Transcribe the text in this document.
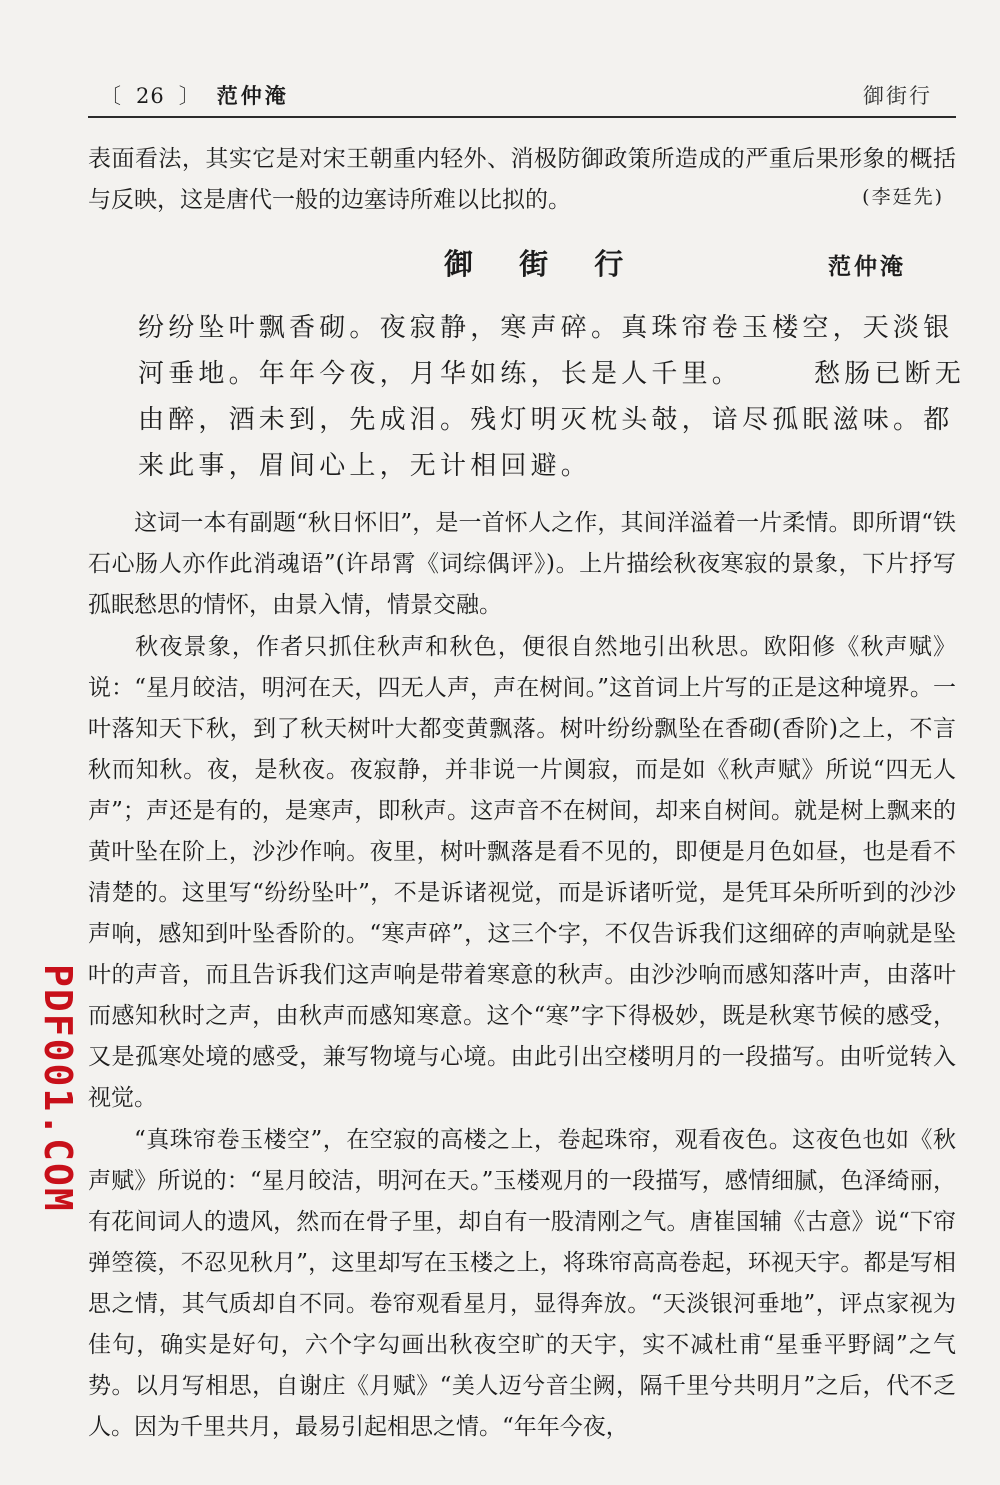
〔 26 〕 范仲淹	御街行

表面看法，其实它是对宋王朝重内轻外、消极防御政策所造成的严重后果形象的概括与反映，这是唐代一般的边塞诗所难以比拟的。	(李廷先)
御 街 行	范仲淹
纷纷坠叶飘香砌。夜寂静，寒声碎。真珠帘卷玉楼空，天淡银
河垂地。年年今夜，月华如练，长是人千里。	愁肠已断无
由醉，酒未到，先成泪。残灯明灭枕头攲，谙尽孤眠滋味。都
来此事，眉间心上，无计相回避。

这词一本有副题“秋日怀旧”，是一首怀人之作，其间洋溢着一片柔情。即所谓“铁石心肠人亦作此消魂语”(许昂霄《词综偶评》)。上片描绘秋夜寒寂的景象，下片抒写孤眠愁思的情怀，由景入情，情景交融。

秋夜景象，作者只抓住秋声和秋色，便很自然地引出秋思。欧阳修《秋声赋》说：“星月皎洁，明河在天，四无人声，声在树间。”这首词上片写的正是这种境界。一叶落知天下秋，到了秋天树叶大都变黄飘落。树叶纷纷飘坠在香砌(香阶)之上，不言秋而知秋。夜，是秋夜。夜寂静，并非说一片阒寂，而是如《秋声赋》所说“四无人声”；声还是有的，是寒声，即秋声。这声音不在树间，却来自树间。就是树上飘来的黄叶坠在阶上，沙沙作响。夜里，树叶飘落是看不见的，即便是月色如昼，也是看不清楚的。这里写“纷纷坠叶”，不是诉诸视觉，而是诉诸听觉，是凭耳朵所听到的沙沙声响，感知到叶坠香阶的。“寒声碎”，这三个字，不仅告诉我们这细碎的声响就是坠叶的声音，而且告诉我们这声响是带着寒意的秋声。由沙沙响而感知落叶声，由落叶而感知秋时之声，由秋声而感知寒意。这个“寒”字下得极妙，既是秋寒节候的感受，又是孤寒处境的感受，兼写物境与心境。由此引出空楼明月的一段描写。由听觉转入视觉。

“真珠帘卷玉楼空”，在空寂的高楼之上，卷起珠帘，观看夜色。这夜色也如《秋声赋》所说的：“星月皎洁，明河在天。”玉楼观月的一段描写，感情细腻，色泽绮丽，有花间词人的遗风，然而在骨子里，却自有一股清刚之气。唐崔国辅《古意》说“下帘弹箜篌，不忍见秋月”，这里却写在玉楼之上，将珠帘高高卷起，环视天宇。都是写相思之情，其气质却自不同。卷帘观看星月，显得奔放。“天淡银河垂地”，评点家视为佳句，确实是好句，六个字勾画出秋夜空旷的天宇，实不减杜甫“星垂平野阔”之气势。以月写相思，自谢庄《月赋》“美人迈兮音尘阙，隔千里兮共明月”之后，代不乏人。因为千里共月，最易引起相思之情。“年年今夜，

PDF001.COM
